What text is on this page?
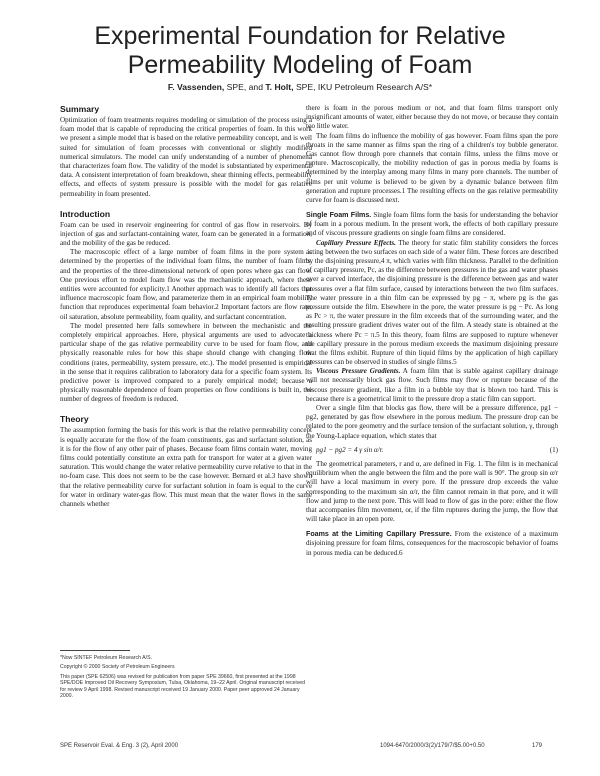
Experimental Foundation for Relative
Permeability Modeling of Foam
F. Vassenden, SPE, and T. Holt, SPE, IKU Petroleum Research A/S*
Summary

Optimization of foam treatments requires modeling or simulation of the process using a foam model that is capable of reproducing the critical properties of foam. In this work we present a simple model that is based on the relative permeability concept, and is well suited for simulation of foam processes with conventional or slightly modified numerical simulators. The model can unify understanding of a number of phenomena that characterizes foam flow. The validity of the model is substantiated by experimental data. A consistent interpretation of foam breakdown, shear thinning effects, permeability effects, and effects of system pressure is possible with the model for gas relative permeability in foam presented.

Introduction

Foam can be used in reservoir engineering for control of gas flow in reservoirs. By injection of gas and surfactant-containing water, foam can be generated in a formation, and the mobility of the gas be reduced.

The macroscopic effect of a large number of foam films in the pore system is determined by the properties of the individual foam films, the number of foam films, and the properties of the three-dimensional network of open pores where gas can flow. One previous effort to model foam flow was the mechanistic approach, where these entities were accounted for explicity.1 Another approach was to identify all factors that influence macroscopic foam flow, and parameterize them in an empirical foam mobility function that reproduces experimental foam behavior.2 Important factors are flow rate, oil saturation, absolute permeability, foam quality, and surfactant concentration.

The model presented here falls somewhere in between the mechanistic and the completely empirical approaches. Here, physical arguments are used to advocate a particular shape of the gas relative permeability curve to be used for foam flow, and physically reasonable rules for how this shape should change with changing flow conditions (rates, permeability, system pressure, etc.). The model presented is empirical in the sense that it requires calibration to laboratory data for a specific foam system. Its predictive power is improved compared to a purely empirical model; because a physically reasonable dependence of foam properties on flow conditions is built in, the number of degrees of freedom is reduced.

Theory

The assumption forming the basis for this work is that the relative permeability concept is equally accurate for the flow of the foam constituents, gas and surfactant solution, as it is for the flow of any other pair of phases. Because foam films contain water, moving films could potentially constitute an extra path for transport for water at a given water saturation. This would change the water relative permeability curve relative to that in the no-foam case. This does not seem to be the case however. Bernard et al.3 have shown that the relative permeability curve for surfactant solution in foam is equal to the curve for water in ordinary water-gas flow. This must mean that the water flows in the same channels whether

*Now SINTEF Petroleum Research A/S.

Copyright © 2000 Society of Petroleum Engineers

This paper (SPE 62506) was revised for publication from paper SPE 39660, first presented at the 1998 SPE/DOE Improved Oil Recovery Symposium, Tulsa, Oklahoma, 19–22 April. Original manuscript received for review 9 April 1998. Revised manuscript received 19 January 2000. Paper peer approved 24 January 2000.

there is foam in the porous medium or not, and that foam films transport only insignificant amounts of water, either because they do not move, or because they contain too little water.

The foam films do influence the mobility of gas however. Foam films span the pore throats in the same manner as films span the ring of a children's toy bubble generator. Gas cannot flow through pore channels that contain films, unless the films move or rupture. Macroscopically, the mobility reduction of gas in porous media by foams is determined by the interplay among many films in many pore channels. The number of films per unit volume is believed to be given by a dynamic balance between film generation and rupture processes.1 The resulting effects on the gas relative permeability curve for foam is discussed next.

Single Foam Films. Single foam films form the basis for understanding the behavior of foam in a porous medium. In the present work, the effects of both capillary pressure and of viscous pressure gradients on single foam films are considered.

Capillary Pressure Effects. The theory for static film stability considers the forces acting between the two surfaces on each side of a water film. These forces are described by the disjoining pressure,4 π, which varies with film thickness. Parallel to the definition of capillary pressure, Pc, as the difference between pressures in the gas and water phases over a curved interface, the disjoining pressure is the difference between gas and water pressures over a flat film surface, caused by interactions between the two film surfaces. The water pressure in a thin film can be expressed by pg − π, where pg is the gas pressure outside the film. Elsewhere in the pore, the water pressure is pg − Pc. As long as Pc > π, the water pressure in the film exceeds that of the surrounding water, and the resulting pressure gradient drives water out of the film. A steady state is obtained at the thickness where Pc = π.5 In this theory, foam films are supposed to rupture whenever the capillary pressure in the porous medium exceeds the maximum disjoining pressure that the films exhibit. Rupture of thin liquid films by the application of high capillary pressures can be observed in studies of single films.5

Viscous Pressure Gradients. A foam film that is stable against capillary drainage will not necessarily block gas flow. Such films may flow or rupture because of the viscous pressure gradient, like a film in a bubble toy that is blown too hard. This is because there is a geometrical limit to the pressure drop a static film can support.

Over a single film that blocks gas flow, there will be a pressure difference, pg1 − pg2, generated by gas flow elsewhere in the porous medium. The pressure drop can be related to the pore geometry and the surface tension of the surfactant solution, γ, through the Young-Laplace equation, which states that

pg1 − pg2 = 4 γ sin α/r.	(1)

The geometrical parameters, r and α, are defined in Fig. 1. The film is in mechanical equilibrium when the angle between the film and the pore wall is 90°. The group sin α/r will have a local maximum in every pore. If the pressure drop exceeds the value corresponding to the maximum sin α/r, the film cannot remain in that pore, and it will flow and jump to the next pore. This will lead to flow of gas in the pore: either the flow that accompanies film movement, or, if the film ruptures during the jump, the flow that will take place in an open pore.

Foams at the Limiting Capillary Pressure. From the existence of a maximum disjoining pressure for foam films, consequences for the macroscopic behavior of foams in porous media can be deduced.6

SPE Reservoir Eval. & Eng. 3 (2), April 2000	1094-6470/2000/3(2)/179/7/$5.00+0.50	179
